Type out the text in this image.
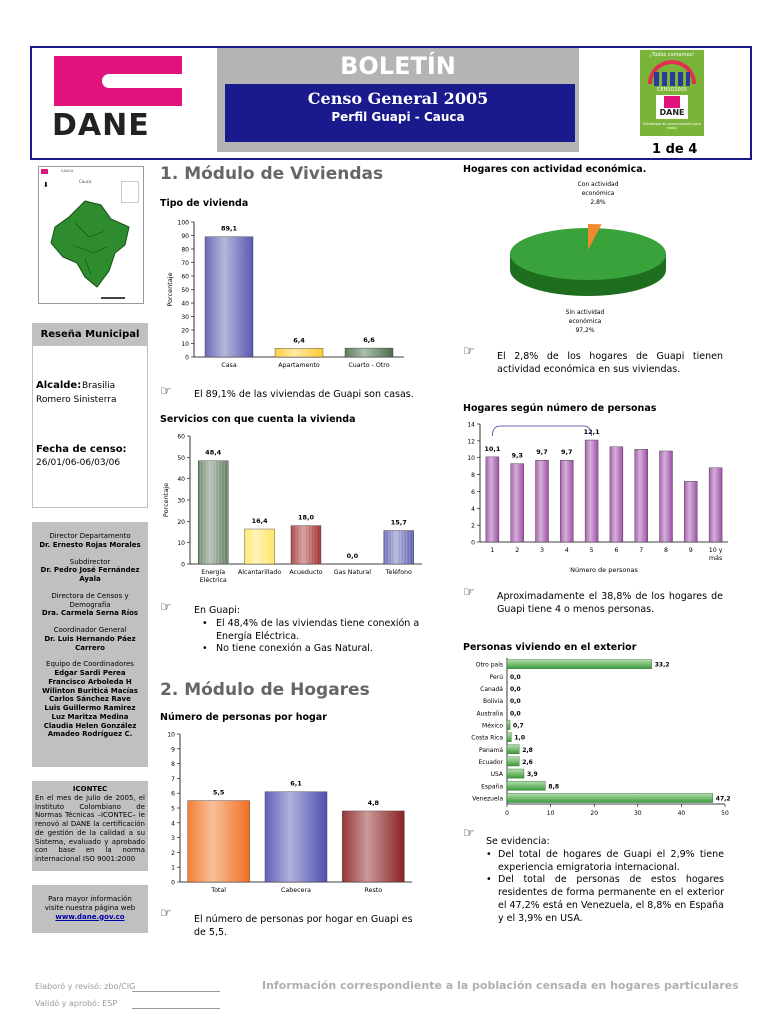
DANE
BOLETÍN
Censo General 2005
Perfil Guapi - Cauca
¡Todos contamos!
CENSO2005
DANE
Estrategia de comunicación para todos
1 de 4
CAUCA
Cauca
⬇
Reseña Municipal
Alcalde: Brasilia
Romero Sinisterra
Fecha de censo:
26/01/06-06/03/06
Director Departamento
Dr. Ernesto Rojas Morales
Subdirector
Dr. Pedro José Fernández Ayala
Directora de Censos y Demografía
Dra. Carmela Serna Ríos
Coordinador General
Dr. Luis Hernando Páez Carrero
Equipo de Coordinadores
Edgar Sardi Perea
Francisco Arboleda H
Wilinton Buriticá Macías
Carlos Sánchez Rave
Luis Guillermo Ramirez
Luz Maritza Medina
Claudia Helen González
Amadeo Rodríguez C.
ICONTEC
En el mes de julio de 2005, el Instituto Colombiano de Normas Técnicas –ICONTEC– le renovó al DANE la certificación de gestión de la calidad a su Sistema, evaluado y aprobado con base en la norma internacional ISO 9001:2000
Para mayor información visite nuestra página web
www.dane.gov.co
1. Módulo de Viviendas
2. Módulo de Hogares
Tipo de vivienda
Servicios con que cuenta la vivienda
Número de personas por hogar
Hogares con actividad económica.
Hogares según número de personas
Personas viviendo en el exterior
0
10
20
30
40
50
60
70
80
90
100
Porcentaje
89,1
Casa
6,4
Apartamento
6,6
Cuarto - Otro
0
10
20
30
40
50
60
Porcentaje
48,4
Energía
Eléctrica
16,4
Alcantarillado
18,0
Acueducto
0,0
Gas Natural
15,7
Teléfono
0
1
2
3
4
5
6
7
8
9
10
5,5
Total
6,1
Cabecera
4,8
Resto
Con actividad
económica
2,8%
Sin actividad
económica
97,2%
0
2
4
6
8
10
12
14
10,1
1
9,3
2
9,7
3
9,7
4
12,1
5	6	7	8	9	10 y
más
Número de personas
0	10	20	30	40	50
Otro país	33,2
Perú 0,0
Canadá 0,0
Bolivia 0,0
Australia 0,0
México 0,7
Costa Rica 1,0
Panamá	2,8
Ecuador	2,6
USA	3,9
España	8,8
Venezuela	47,2
☞ El 89,1% de las viviendas de Guapi son casas.
☞ En Guapi:
• El 48,4% de las viviendas tiene conexión a Energía Eléctrica.
• No tiene conexión a Gas Natural.
☞ El número de personas por hogar en Guapi es de 5,5.
☞ El 2,8% de los hogares de Guapi tienen actividad económica en sus viviendas.
☞ Aproximadamente el 38,8% de los hogares de Guapi tiene 4 o menos personas.
☞
Se evidencia:
• Del total de hogares de Guapi el 2,9% tiene experiencia emigratoria internacional.
• Del total de personas de estos hogares residentes de forma permanente en el exterior el 47,2% está en Venezuela, el 8,8% en España y el 3,9% en USA.
Elaboró y revisó: zbo/CIG
Validó y aprobó: ESP
Información correspondiente a la población censada en hogares particulares
